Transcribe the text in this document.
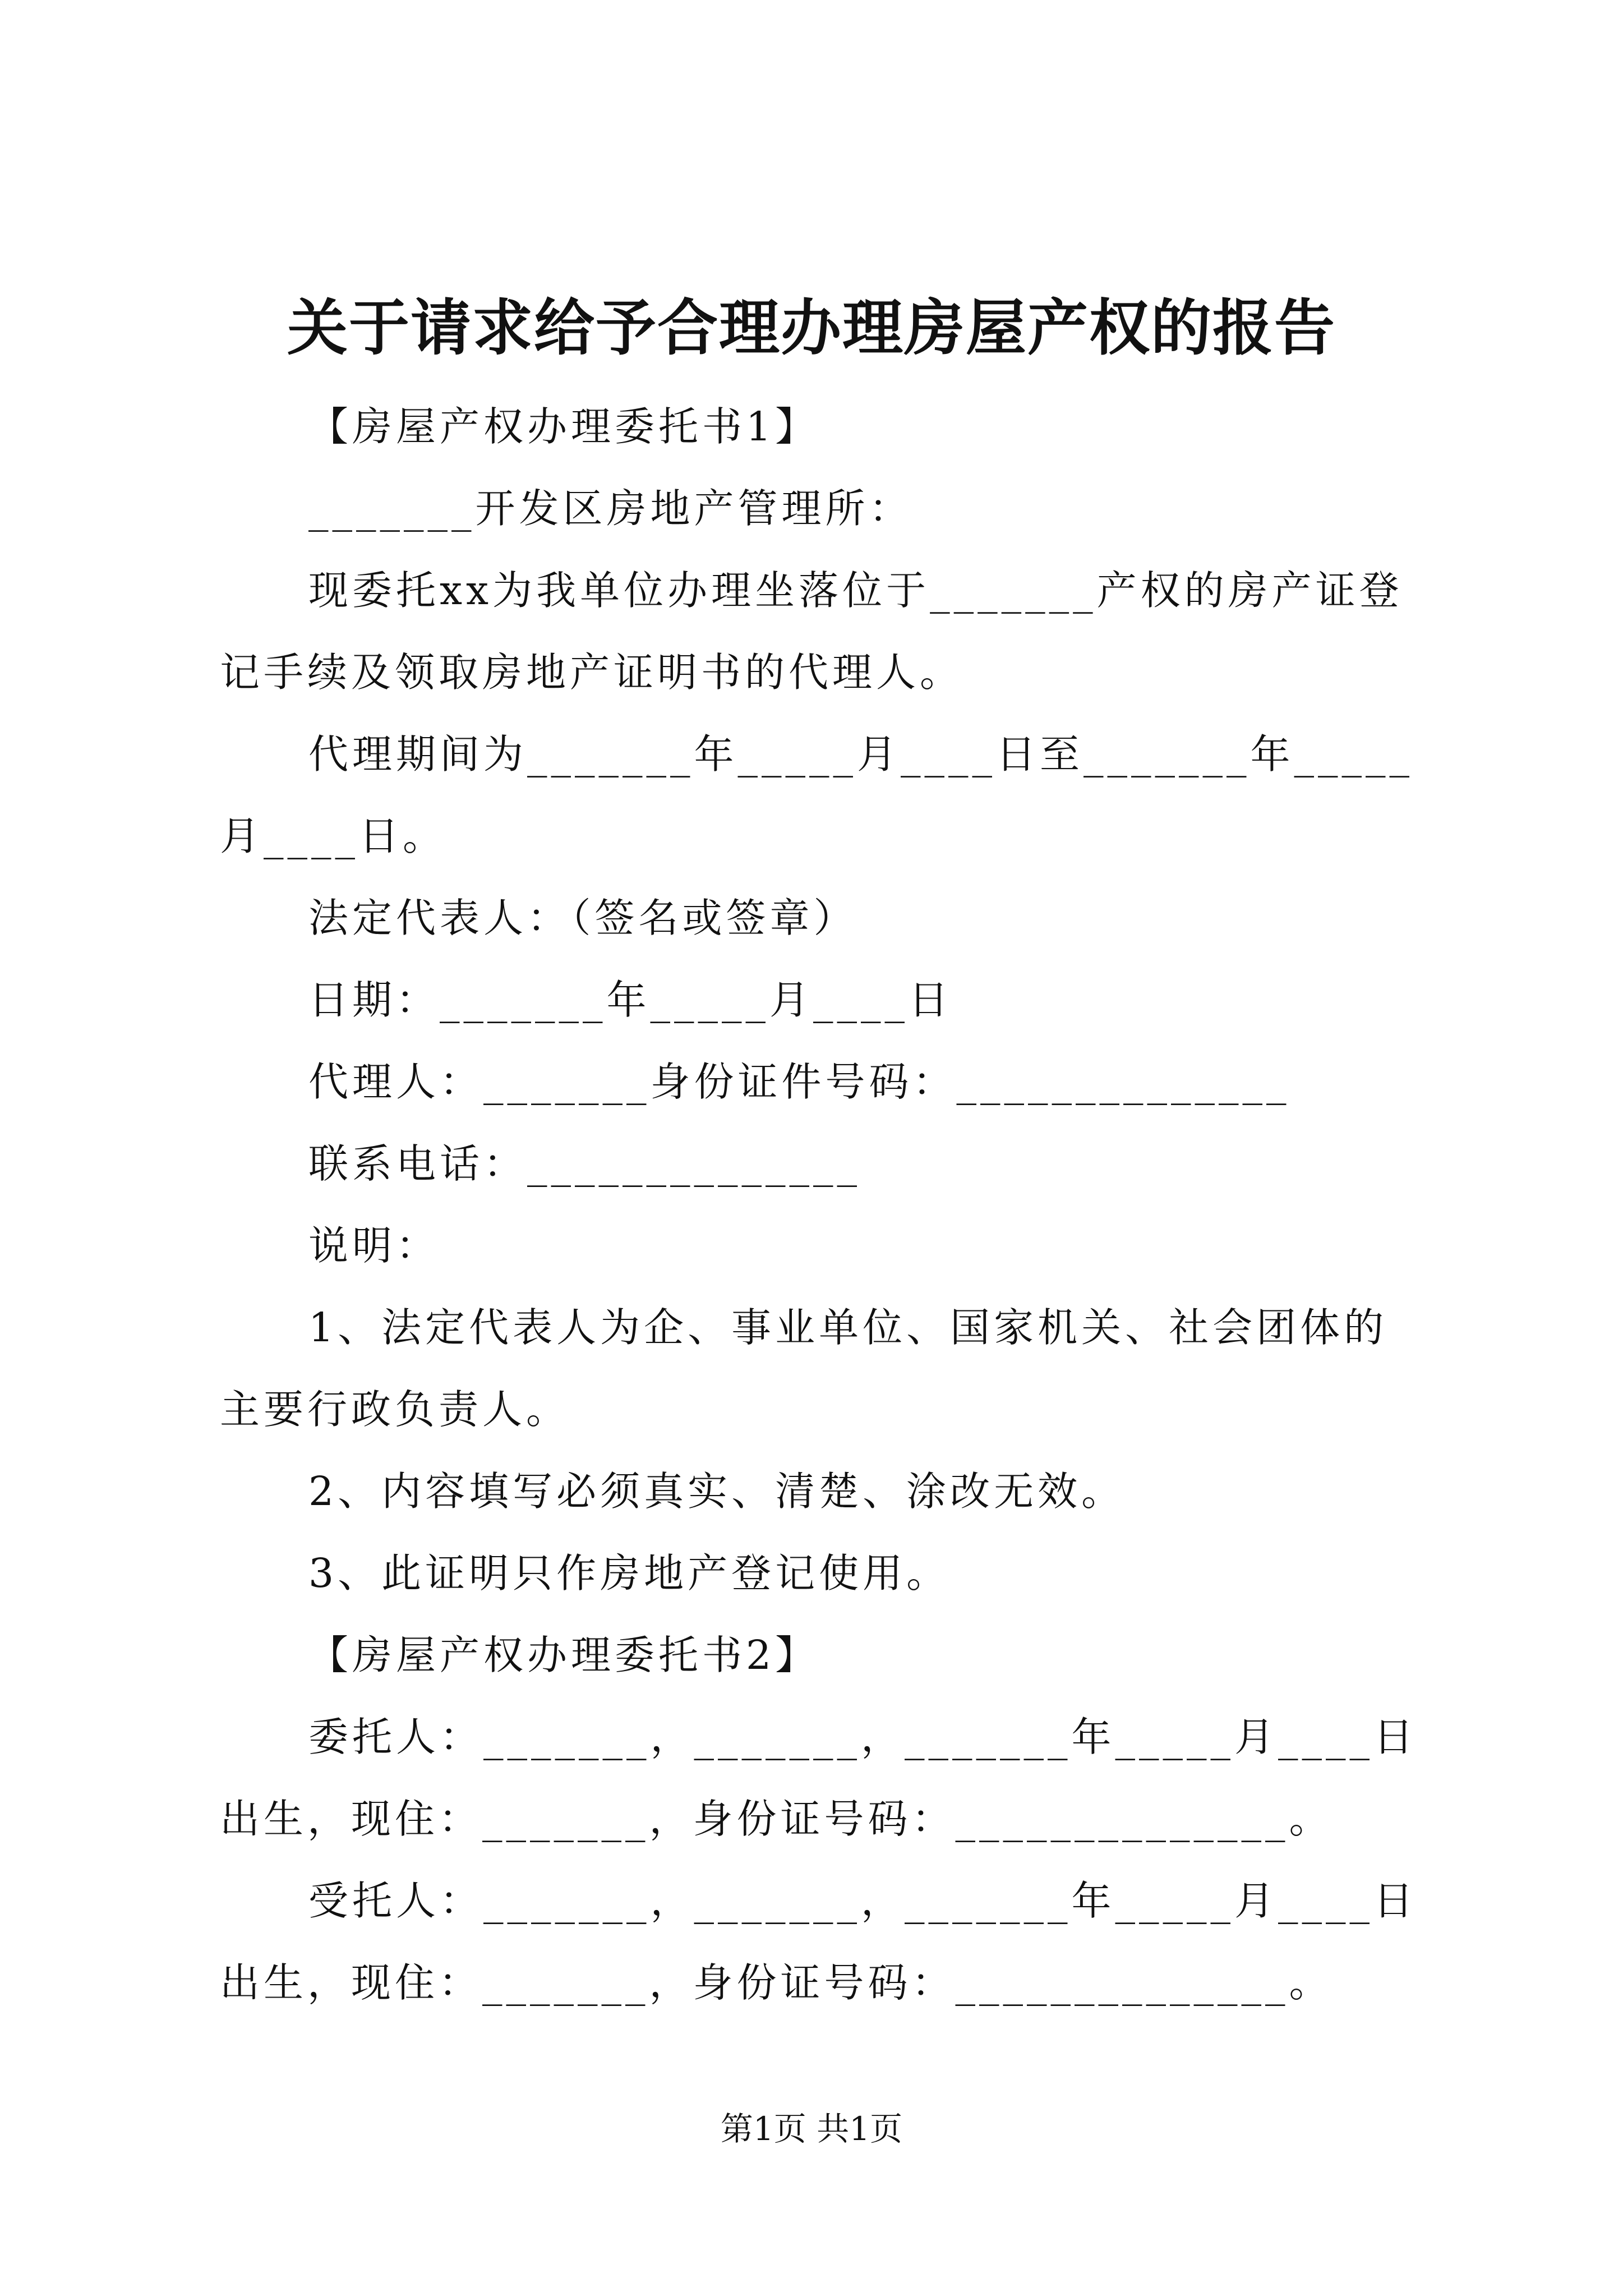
关于请求给予合理办理房屋产权的报告

【房屋产权办理委托书1】

_______开发区房地产管理所：

现委托xx为我单位办理坐落位于_______产权的房产证登记手续及领取房地产证明书的代理人。

代理期间为_______年_____月____日至_______年_____月____日。

法定代表人：（签名或签章）

日期：_______年_____月____日

代理人：_______身份证件号码：______________

联系电话：______________

说明：

1、法定代表人为企、事业单位、国家机关、社会团体的主要行政负责人。

2、内容填写必须真实、清楚、涂改无效。

3、此证明只作房地产登记使用。

【房屋产权办理委托书2】

委托人：_______，_______，_______年_____月____日出生，现住：_______，身份证号码：______________。

受托人：_______，_______，_______年_____月____日出生，现住：_______，身份证号码：______________。

第1页 共1页
